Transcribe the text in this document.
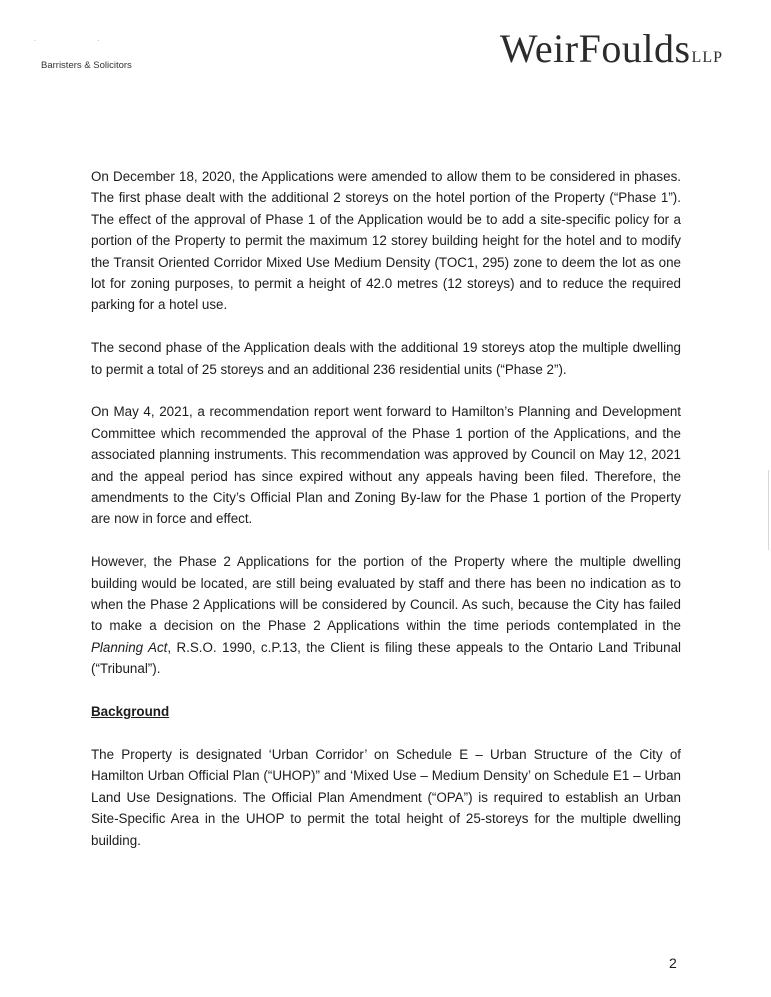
· ·
Barristers & Solicitors	WeirFouldsLLP

On December 18, 2020, the Applications were amended to allow them to be considered in phases. The first phase dealt with the additional 2 storeys on the hotel portion of the Property (“Phase 1”). The effect of the approval of Phase 1 of the Application would be to add a site-specific policy for a portion of the Property to permit the maximum 12 storey building height for the hotel and to modify the Transit Oriented Corridor Mixed Use Medium Density (TOC1, 295) zone to deem the lot as one lot for zoning purposes, to permit a height of 42.0 metres (12 storeys) and to reduce the required parking for a hotel use.

The second phase of the Application deals with the additional 19 storeys atop the multiple dwelling to permit a total of 25 storeys and an additional 236 residential units (“Phase 2”).

On May 4, 2021, a recommendation report went forward to Hamilton’s Planning and Development Committee which recommended the approval of the Phase 1 portion of the Applications, and the associated planning instruments. This recommendation was approved by Council on May 12, 2021 and the appeal period has since expired without any appeals having been filed. Therefore, the amendments to the City’s Official Plan and Zoning By-law for the Phase 1 portion of the Property are now in force and effect.

However, the Phase 2 Applications for the portion of the Property where the multiple dwelling building would be located, are still being evaluated by staff and there has been no indication as to when the Phase 2 Applications will be considered by Council. As such, because the City has failed to make a decision on the Phase 2 Applications within the time periods contemplated in the Planning Act, R.S.O. 1990, c.P.13, the Client is filing these appeals to the Ontario Land Tribunal (“Tribunal”).

Background

The Property is designated ‘Urban Corridor’ on Schedule E – Urban Structure of the City of Hamilton Urban Official Plan (“UHOP)” and ‘Mixed Use – Medium Density’ on Schedule E1 – Urban Land Use Designations. The Official Plan Amendment (“OPA”) is required to establish an Urban Site-Specific Area in the UHOP to permit the total height of 25-storeys for the multiple dwelling building.

2
